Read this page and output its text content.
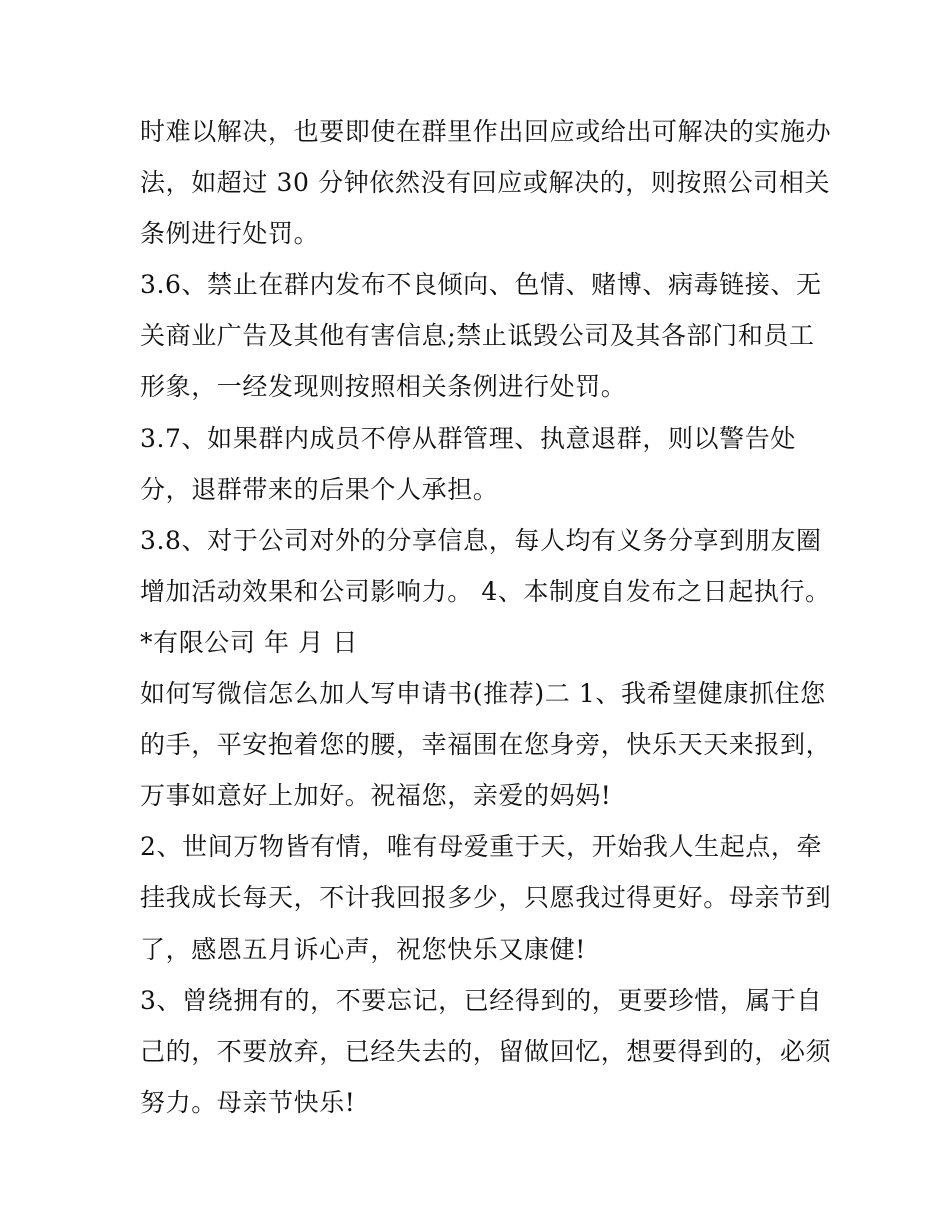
时难以解决，也要即使在群里作出回应或给出可解决的实施办
法，如超过 30 分钟依然没有回应或解决的，则按照公司相关
条例进行处罚。
3.6、禁止在群内发布不良倾向、色情、赌博、病毒链接、无
关商业广告及其他有害信息;禁止诋毁公司及其各部门和员工
形象，一经发现则按照相关条例进行处罚。
3.7、如果群内成员不停从群管理、执意退群，则以警告处
分，退群带来的后果个人承担。
3.8、对于公司对外的分享信息，每人均有义务分享到朋友圈
增加活动效果和公司影响力。 4、本制度自发布之日起执行。
*有限公司 年 月 日
如何写微信怎么加人写申请书(推荐)二 1、我希望健康抓住您
的手，平安抱着您的腰，幸福围在您身旁，快乐天天来报到，
万事如意好上加好。祝福您，亲爱的妈妈!
2、世间万物皆有情，唯有母爱重于天，开始我人生起点，牵
挂我成长每天，不计我回报多少，只愿我过得更好。母亲节到
了，感恩五月诉心声，祝您快乐又康健!
3、曾绕拥有的，不要忘记，已经得到的，更要珍惜，属于自
己的，不要放弃，已经失去的，留做回忆，想要得到的，必须
努力。母亲节快乐!
